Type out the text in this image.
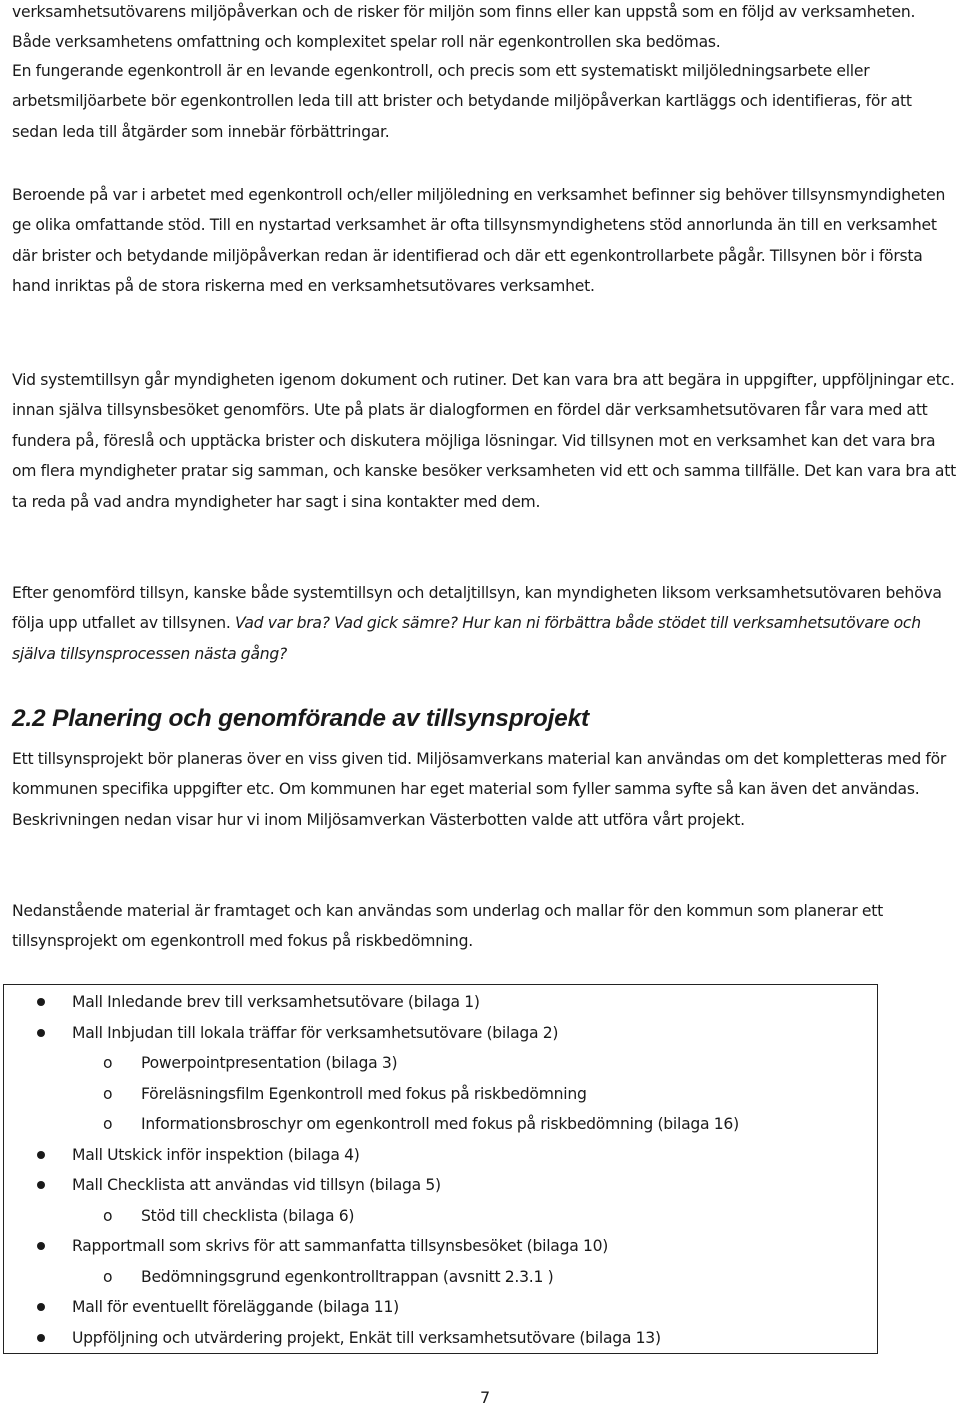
verksamhetsutövarens miljöpåverkan och de risker för miljön som finns eller kan uppstå som en följd av verksamheten. Både verksamhetens omfattning och komplexitet spelar roll när egenkontrollen ska bedömas.

En fungerande egenkontroll är en levande egenkontroll, och precis som ett systematiskt miljöledningsarbete eller arbetsmiljöarbete bör egenkontrollen leda till att brister och betydande miljöpåverkan kartläggs och identifieras, för att sedan leda till åtgärder som innebär förbättringar.

Beroende på var i arbetet med egenkontroll och/eller miljöledning en verksamhet befinner sig behöver tillsynsmyndigheten ge olika omfattande stöd. Till en nystartad verksamhet är ofta tillsynsmyndighetens stöd annorlunda än till en verksamhet där brister och betydande miljöpåverkan redan är identifierad och där ett egenkontrollarbete pågår. Tillsynen bör i första hand inriktas på de stora riskerna med en verksamhetsutövares verksamhet.

Vid systemtillsyn går myndigheten igenom dokument och rutiner. Det kan vara bra att begära in uppgifter, uppföljningar etc. innan själva tillsynsbesöket genomförs. Ute på plats är dialogformen en fördel där verksamhetsutövaren får vara med att fundera på, föreslå och upptäcka brister och diskutera möjliga lösningar. Vid tillsynen mot en verksamhet kan det vara bra om flera myndigheter pratar sig samman, och kanske besöker verksamheten vid ett och samma tillfälle. Det kan vara bra att ta reda på vad andra myndigheter har sagt i sina kontakter med dem.

Efter genomförd tillsyn, kanske både systemtillsyn och detaljtillsyn, kan myndigheten liksom verksamhetsutövaren behöva följa upp utfallet av tillsynen. Vad var bra? Vad gick sämre? Hur kan ni förbättra både stödet till verksamhetsutövare och själva tillsynsprocessen nästa gång?

2.2 Planering och genomförande av tillsynsprojekt

Ett tillsynsprojekt bör planeras över en viss given tid. Miljösamverkans material kan användas om det kompletteras med för kommunen specifika uppgifter etc. Om kommunen har eget material som fyller samma syfte så kan även det användas. Beskrivningen nedan visar hur vi inom Miljösamverkan Västerbotten valde att utföra vårt projekt.

Nedanstående material är framtaget och kan användas som underlag och mallar för den kommun som planerar ett tillsynsprojekt om egenkontroll med fokus på riskbedömning.

Mall Inledande brev till verksamhetsutövare (bilaga 1)
Mall Inbjudan till lokala träffar för verksamhetsutövare (bilaga 2)
o Powerpointpresentation (bilaga 3)
o Föreläsningsfilm Egenkontroll med fokus på riskbedömning
o Informationsbroschyr om egenkontroll med fokus på riskbedömning (bilaga 16)
Mall Utskick inför inspektion (bilaga 4)
Mall Checklista att användas vid tillsyn (bilaga 5)
o Stöd till checklista (bilaga 6)
Rapportmall som skrivs för att sammanfatta tillsynsbesöket (bilaga 10)
o Bedömningsgrund egenkontrolltrappan (avsnitt 2.3.1 )
Mall för eventuellt föreläggande (bilaga 11)
Uppföljning och utvärdering projekt, Enkät till verksamhetsutövare (bilaga 13)

7
